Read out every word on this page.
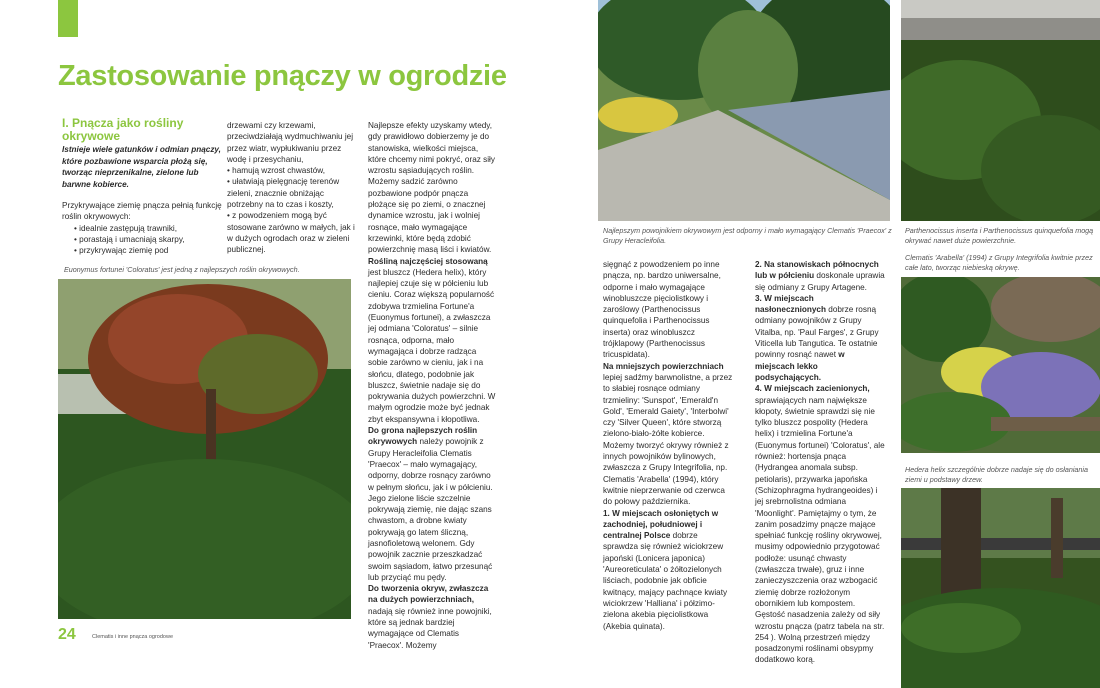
Zastosowanie pnączy w ogrodzie
I. Pnącza jako rośliny okrywowe

Istnieje wiele gatunków i odmian pnączy, które pozbawione wsparcia płożą się, tworząc nieprzenikalne, zielone lub barwne kobierce.

Przykrywające ziemię pnącza pełnią funkcję roślin okrywowych:

• idealnie zastępują trawniki,
• porastają i umacniają skarpy,
• przykrywając ziemię pod

drzewami czy krzewami, przeciwdziałają wydmuchiwaniu jej przez wiatr, wypłukiwaniu przez wodę i przesychaniu,

• hamują wzrost chwastów,
• ułatwiają pielęgnację terenów zieleni, znacznie obniżając potrzebny na to czas i koszty,
• z powodzeniem mogą być stosowane zarówno w małych, jak i w dużych ogrodach oraz w zieleni publicznej.

Najlepsze efekty uzyskamy wtedy, gdy prawidłowo dobierzemy je do stanowiska, wielkości miejsca, które chcemy nimi pokryć, oraz siły wzrostu sąsiadujących roślin. Możemy sadzić zarówno pozbawione podpór pnącza płożące się po ziemi, o znacznej dynamice wzrostu, jak i wolniej rosnące, mało wymagające krzewinki, które będą zdobić powierzchnię masą liści i kwiatów.

Rośliną najczęściej stosowaną jest bluszcz (Hedera helix), który najlepiej czuje się w półcieniu lub cieniu. Coraz większą popularność zdobywa trzmielina Fortune'a (Euonymus fortunei), a zwłaszcza jej odmiana 'Coloratus' – silnie rosnąca, odporna, mało wymagająca i dobrze radząca sobie zarówno w cieniu, jak i na słońcu, dlatego, podobnie jak bluszcz, świetnie nadaje się do pokrywania dużych powierzchni. W małym ogrodzie może być jednak zbyt ekspansywna i kłopotliwa.

Do grona najlepszych roślin okrywowych należy powojnik z Grupy Heracleifolia Clematis 'Praecox' – mało wymagający, odporny, dobrze rosnący zarówno w pełnym słońcu, jak i w półcieniu. Jego zielone liście szczelnie pokrywają ziemię, nie dając szans chwastom, a drobne kwiaty pokrywają go latem śliczną, jasnofioletową welonem. Gdy powojnik zacznie przeszkadzać swoim sąsiadom, łatwo przesunąć lub przyciąć mu pędy.

Do tworzenia okryw, zwłaszcza na dużych powierzchniach, nadają się również inne powojniki, które są jednak bardziej wymagające od Clematis 'Praecox'. Możemy

Euonymus fortunei 'Coloratus' jest jedną z najlepszych roślin okrywowych.
Najlepszym powojnikiem okrywowym jest odporny i mało wymagający Clematis 'Praecox' z Grupy Heracleifolia.
Parthenocissus inserta i Parthenocissus quinquefolia mogą okrywać nawet duże powierzchnie.
Clematis 'Arabella' (1994) z Grupy Integrifolia kwitnie przez całe lato, tworząc niebieską okrywę.
Hedera helix szczególnie dobrze nadaje się do osłaniania ziemi u podstawy drzew.

sięgnąć z powodzeniem po inne pnącza, np. bardzo uniwersalne, odporne i mało wymagające winobluszcze pięciolistkowy i zaroślowy (Parthenocissus quinquefolia i Parthenocissus inserta) oraz winobluszcz trójklapowy (Parthenocissus tricuspidata).

Na mniejszych powierzchniach lepiej sadźmy barwnolistne, a przez to słabiej rosnące odmiany trzmieliny: 'Sunspot', 'Emerald'n Gold', 'Emerald Gaiety', 'Interbolwi' czy 'Silver Queen', które stworzą zielono-biało-żółte kobierce. Możemy tworzyć okrywy również z innych powojników bylinowych, zwłaszcza z Grupy Integrifolia, np. Clematis 'Arabella' (1994), który kwitnie nieprzerwanie od czerwca do połowy października.

1. W miejscach osłoniętych w zachodniej, południowej i centralnej Polsce dobrze sprawdza się również wiciokrzew japoński (Lonicera japonica) 'Aureoreticulata' o żółtozielonych liściach, podobnie jak obficie kwitnący, mający pachnące kwiaty wiciokrzew 'Halliana' i półzimo-zielona akebia pięciolistkowa (Akebia quinata).

2. Na stanowiskach północnych lub w półcieniu doskonale uprawia się odmiany z Grupy Artagene.

3. W miejscach nasłonecznionych dobrze rosną odmiany powojników z Grupy Vitalba, np. 'Paul Farges', z Grupy Viticella lub Tangutica. Te ostatnie powinny rosnąć nawet w miejscach lekko podsychających.

4. W miejscach zacienionych, sprawiających nam największe kłopoty, świetnie sprawdzi się nie tylko bluszcz pospolity (Hedera helix) i trzmielina Fortune'a (Euonymus fortunei) 'Coloratus', ale również: hortensja pnąca (Hydrangea anomala subsp. petiolaris), przywarka japońska (Schizophragma hydrangeoides) i jej srebrnolistna odmiana 'Moonlight'. Pamiętajmy o tym, że zanim posadzimy pnącze mające spełniać funkcję rośliny okrywowej, musimy odpowiednio przygotować podłoże: usunąć chwasty (zwłaszcza trwałe), gruz i inne zanieczyszczenia oraz wzbogacić ziemię dobrze rozłożonym obornikiem lub kompostem. Gęstość nasadzenia zależy od siły wzrostu pnącza (patrz tabela na str. 254 ). Wolną przestrzeń między posadzonymi roślinami obsypmy dodatkowo korą.

24	Clematis i inne pnącza ogrodowe
